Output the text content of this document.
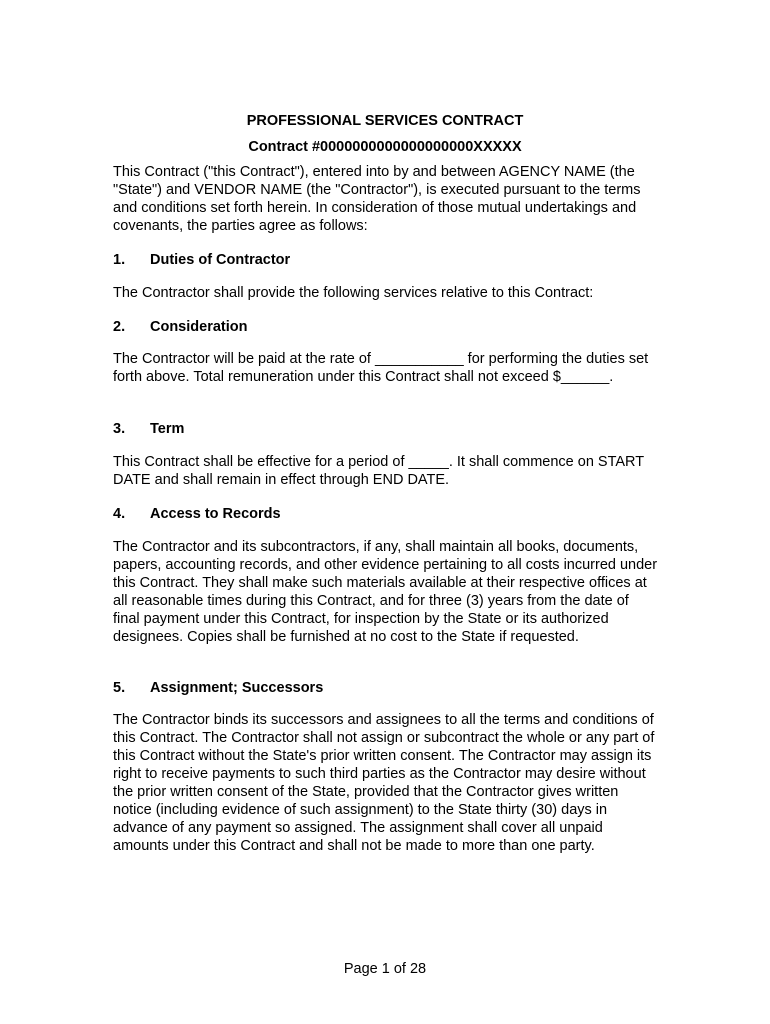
PROFESSIONAL SERVICES CONTRACT
Contract #0000000000000000000XXXXX

This Contract ("this Contract"), entered into by and between AGENCY NAME (the "State") and VENDOR NAME (the "Contractor"), is executed pursuant to the terms and conditions set forth herein. In consideration of those mutual undertakings and covenants, the parties agree as follows:

1. Duties of Contractor

The Contractor shall provide the following services relative to this Contract:

2. Consideration

The Contractor will be paid at the rate of ___________ for performing the duties set forth above. Total remuneration under this Contract shall not exceed $______.

3. Term

This Contract shall be effective for a period of _____. It shall commence on START DATE and shall remain in effect through END DATE.

4. Access to Records

The Contractor and its subcontractors, if any, shall maintain all books, documents, papers, accounting records, and other evidence pertaining to all costs incurred under this Contract. They shall make such materials available at their respective offices at all reasonable times during this Contract, and for three (3) years from the date of final payment under this Contract, for inspection by the State or its authorized designees. Copies shall be furnished at no cost to the State if requested.

5. Assignment; Successors

The Contractor binds its successors and assignees to all the terms and conditions of this Contract. The Contractor shall not assign or subcontract the whole or any part of this Contract without the State's prior written consent. The Contractor may assign its right to receive payments to such third parties as the Contractor may desire without the prior written consent of the State, provided that the Contractor gives written notice (including evidence of such assignment) to the State thirty (30) days in advance of any payment so assigned. The assignment shall cover all unpaid amounts under this Contract and shall not be made to more than one party.

Page 1 of 28
